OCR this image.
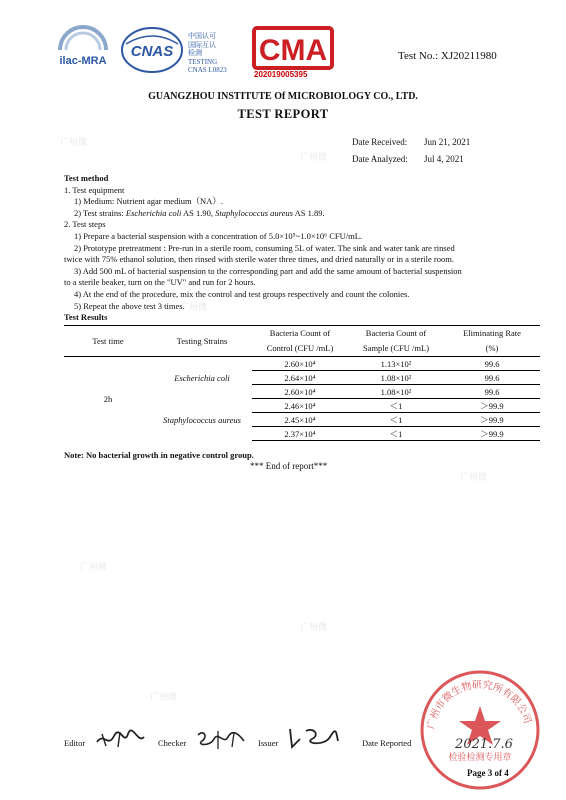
广州微
广州微
广州微
广州微
广州微
广州微
广州微
ilac-MRA
CNAS
中国认可
国际互认
检测
TESTING
CNAS L0823
CMA
202019005395
Test No.: XJ20211980
GUANGZHOU INSTITUTE Of MICROBIOLOGY CO., LTD.
TEST REPORT
Date Received: Jun 21, 2021
Date Analyzed: Jul 4, 2021

Test method

1. Test equipment

1) Medium: Nutrient agar medium（NA）.

2) Test strains: Escherichia coli AS 1.90, Staphylococcus aureus AS 1.89.

2. Test steps

1) Prepare a bacterial suspension with a concentration of 5.0×10⁵~1.0×10⁶ CFU/mL.

2) Prototype pretreatment : Pre-run in a sterile room, consuming 5L of water. The sink and water tank are rinsed

twice with 75% ethanol solution, then rinsed with sterile water three times, and dried naturally or in a sterile room.

3) Add 500 mL of bacterial suspension to the corresponding part and add the same amount of bacterial suspension

to a sterile beaker, turn on the "UV" and run for 2 hours.

4) At the end of the procedure, mix the control and test groups respectively and count the colonies.

5) Repeat the above test 3 times.

Test Results

Test time	Testing Strains	Bacteria Count of	Bacteria Count of	Eliminating Rate
		Control (CFU /mL)	Sample (CFU /mL)	(%)
2h	Escherichia coli	2.60×10⁴	1.13×10²	99.6
		2.64×10⁴	1.08×10²	99.6
		2.60×10⁴	1.08×10²	99.6
	Staphylococcus aureus	2.46×10⁴	＜1	＞99.9
		2.45×10⁴	＜1	＞99.9
		2.37×10⁴	＜1	＞99.9
Note: No bacterial growth in negative control group.
*** End of report***
广州市微生物研究所有限公司
检验检测专用章
2021.7.6
Editor	Checker	Issuer	Date Reported
Page 3 of 4
